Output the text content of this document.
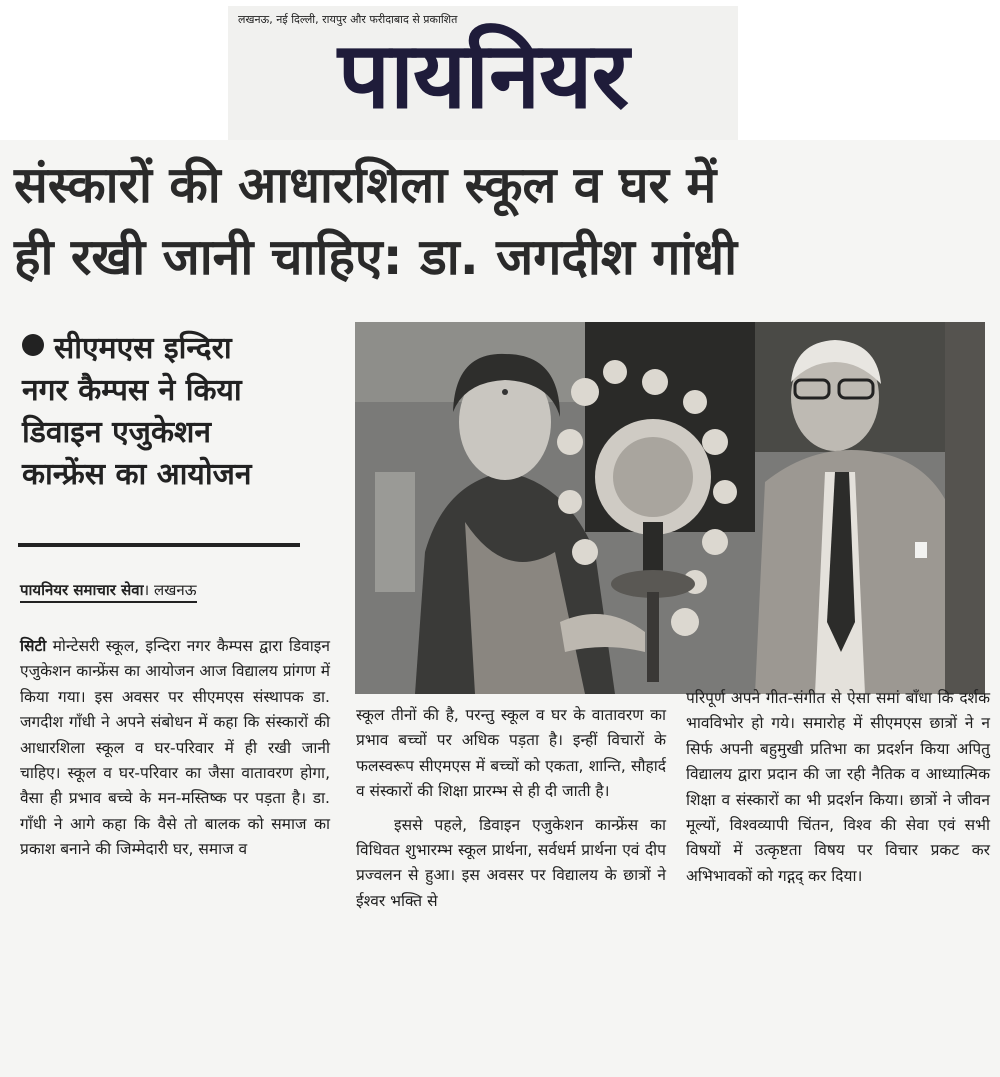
लखनऊ, नई दिल्ली, रायपुर और फरीदाबाद से प्रकाशित
पायनियर
संस्कारों की आधारशिला स्कूल व घर में
ही रखी जानी चाहिए: डा. जगदीश गांधी
सीएमएस इन्दिरा
नगर कैम्पस ने किया
डिवाइन एजुकेशन
कान्फ्रेंस का आयोजन
पायनियर समाचार सेवा। लखनऊ

सिटी मोन्टेसरी स्कूल, इन्दिरा नगर कैम्पस द्वारा डिवाइन एजुकेशन कान्फ्रेंस का आयोजन आज विद्यालय प्रांगण में किया गया। इस अवसर पर सीएमएस संस्थापक डा. जगदीश गाँधी ने अपने संबोधन में कहा कि संस्कारों की आधारशिला स्कूल व घर-परिवार में ही रखी जानी चाहिए। स्कूल व घर-परिवार का जैसा वातावरण होगा, वैसा ही प्रभाव बच्चे के मन-मस्तिष्क पर पड़ता है। डा. गाँधी ने आगे कहा कि वैसे तो बालक को समाज का प्रकाश बनाने की जिम्मेदारी घर, समाज व

स्कूल तीनों की है, परन्तु स्कूल व घर के वातावरण का प्रभाव बच्चों पर अधिक पड़ता है। इन्हीं विचारों के फलस्वरूप सीएमएस में बच्चों को एकता, शान्ति, सौहार्द व संस्कारों की शिक्षा प्रारम्भ से ही दी जाती है।

इससे पहले, डिवाइन एजुकेशन कान्फ्रेंस का विधिवत शुभारम्भ स्कूल प्रार्थना, सर्वधर्म प्रार्थना एवं दीप प्रज्वलन से हुआ। इस अवसर पर विद्यालय के छात्रों ने ईश्वर भक्ति से

परिपूर्ण अपने गीत-संगीत से ऐसा समां बाँधा कि दर्शक भावविभोर हो गये। समारोह में सीएमएस छात्रों ने न सिर्फ अपनी बहुमुखी प्रतिभा का प्रदर्शन किया अपितु विद्यालय द्वारा प्रदान की जा रही नैतिक व आध्यात्मिक शिक्षा व संस्कारों का भी प्रदर्शन किया। छात्रों ने जीवन मूल्यों, विश्वव्यापी चिंतन, विश्व की सेवा एवं सभी विषयों में उत्कृष्टता विषय पर विचार प्रकट कर अभिभावकों को गद्गद् कर दिया।
